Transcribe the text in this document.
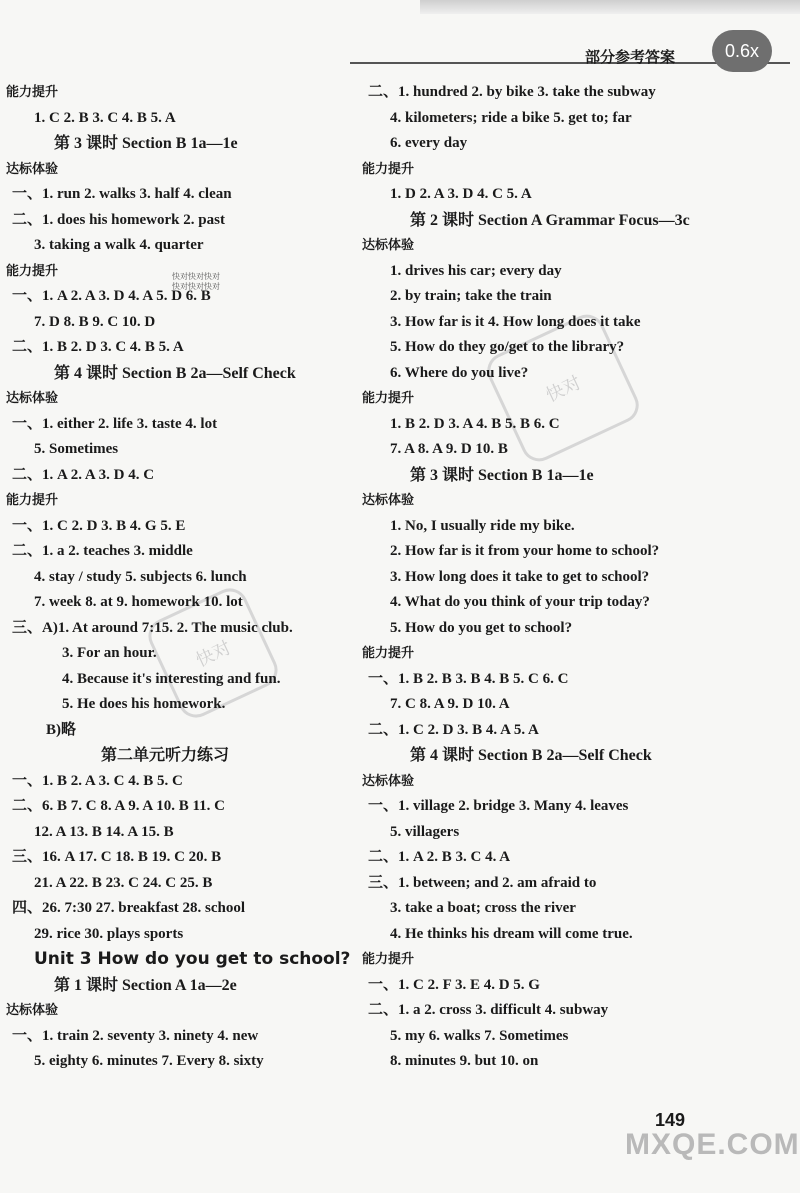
部分参考答案	0.6x
快对
快对
快对快对快对
快对快对快对
能力提升
1. C 2. B 3. C 4. B 5. A
第 3 课时 Section B 1a—1e
达标体验
一、1. run 2. walks 3. half 4. clean
二、1. does his homework 2. past
3. taking a walk 4. quarter
能力提升
一、1. A 2. A 3. D 4. A 5. D 6. B
7. D 8. B 9. C 10. D
二、1. B 2. D 3. C 4. B 5. A
第 4 课时 Section B 2a—Self Check
达标体验
一、1. either 2. life 3. taste 4. lot
5. Sometimes
二、1. A 2. A 3. D 4. C
能力提升
一、1. C 2. D 3. B 4. G 5. E
二、1. a 2. teaches 3. middle
4. stay / study 5. subjects 6. lunch
7. week 8. at 9. homework 10. lot
三、A)1. At around 7:15. 2. The music club.
3. For an hour.
4. Because it's interesting and fun.
5. He does his homework.
B)略
第二单元听力练习
一、1. B 2. A 3. C 4. B 5. C
二、6. B 7. C 8. A 9. A 10. B 11. C
12. A 13. B 14. A 15. B
三、16. A 17. C 18. B 19. C 20. B
21. A 22. B 23. C 24. C 25. B
四、26. 7:30 27. breakfast 28. school
29. rice 30. plays sports
Unit 3 How do you get to school?
第 1 课时 Section A 1a—2e
达标体验
一、1. train 2. seventy 3. ninety 4. new
5. eighty 6. minutes 7. Every 8. sixty
二、1. hundred 2. by bike 3. take the subway
4. kilometers; ride a bike 5. get to; far
6. every day
能力提升
1. D 2. A 3. D 4. C 5. A
第 2 课时 Section A Grammar Focus—3c
达标体验
1. drives his car; every day
2. by train; take the train
3. How far is it 4. How long does it take
5. How do they go/get to the library?
6. Where do you live?
能力提升
1. B 2. D 3. A 4. B 5. B 6. C
7. A 8. A 9. D 10. B
第 3 课时 Section B 1a—1e
达标体验
1. No, I usually ride my bike.
2. How far is it from your home to school?
3. How long does it take to get to school?
4. What do you think of your trip today?
5. How do you get to school?
能力提升
一、1. B 2. B 3. B 4. B 5. C 6. C
7. C 8. A 9. D 10. A
二、1. C 2. D 3. B 4. A 5. A
第 4 课时 Section B 2a—Self Check
达标体验
一、1. village 2. bridge 3. Many 4. leaves
5. villagers
二、1. A 2. B 3. C 4. A
三、1. between; and 2. am afraid to
3. take a boat; cross the river
4. He thinks his dream will come true.
能力提升
一、1. C 2. F 3. E 4. D 5. G
二、1. a 2. cross 3. difficult 4. subway
5. my 6. walks 7. Sometimes
8. minutes 9. but 10. on
149
MXQE.COM
